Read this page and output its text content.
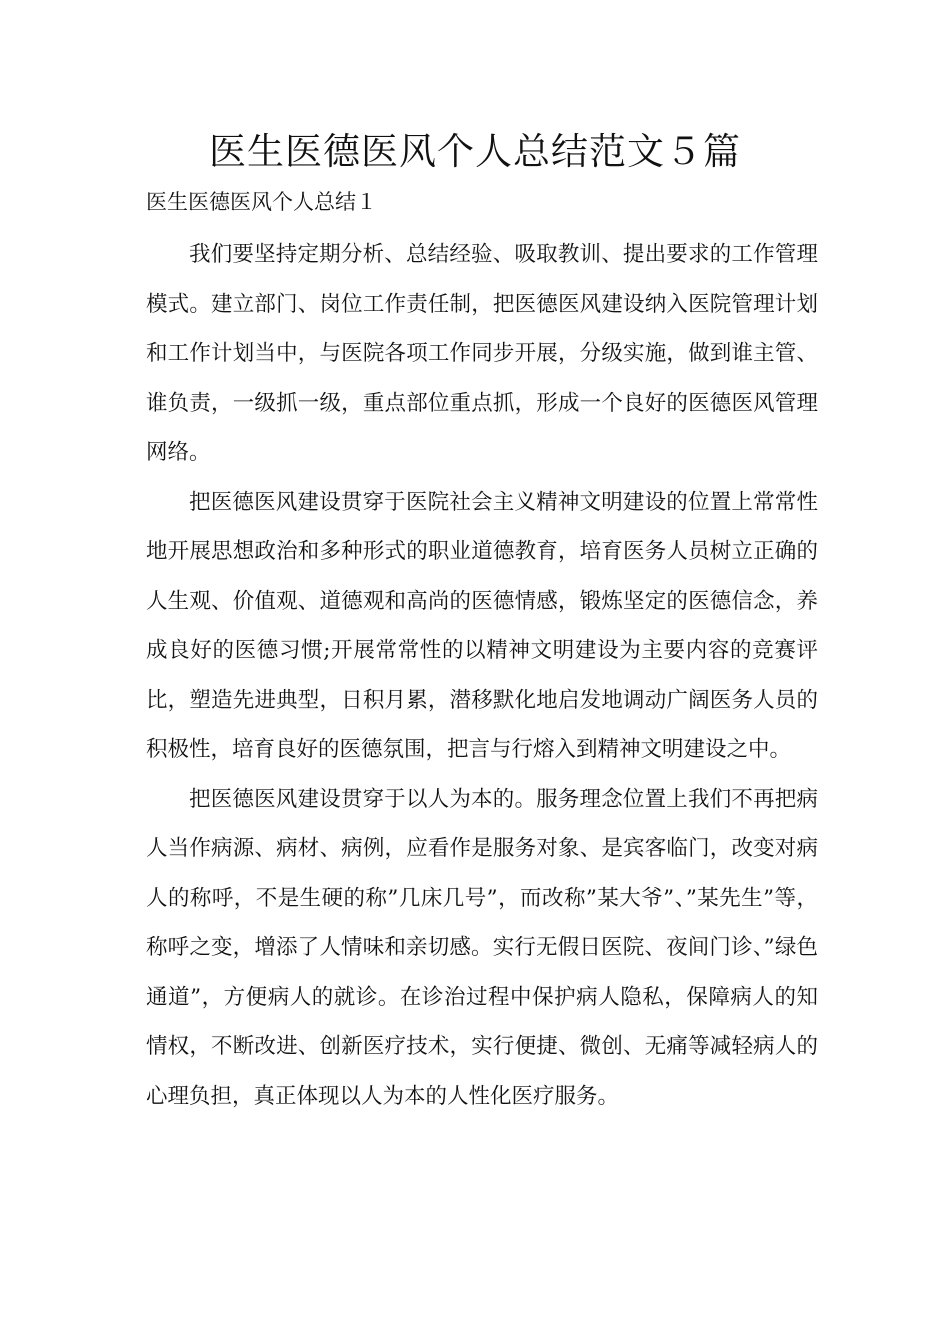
医生医德医风个人总结范文５篇
医生医德医风个人总结１

我们要坚持定期分析、总结经验、吸取教训、提出要求的工作管理模式。建立部门、岗位工作责任制，把医德医风建设纳入医院管理计划和工作计划当中，与医院各项工作同步开展，分级实施，做到谁主管、谁负责，一级抓一级，重点部位重点抓，形成一个良好的医德医风管理网络。

把医德医风建设贯穿于医院社会主义精神文明建设的位置上常常性地开展思想政治和多种形式的职业道德教育，培育医务人员树立正确的人生观、价值观、道德观和高尚的医德情感，锻炼坚定的医德信念，养成良好的医德习惯;开展常常性的以精神文明建设为主要内容的竞赛评比，塑造先进典型，日积月累，潜移默化地启发地调动广阔医务人员的积极性，培育良好的医德氛围，把言与行熔入到精神文明建设之中。

把医德医风建设贯穿于以人为本的。服务理念位置上我们不再把病人当作病源、病材、病例，应看作是服务对象、是宾客临门，改变对病人的称呼，不是生硬的称”几床几号”，而改称”某大爷”、”某先生”等，称呼之变，增添了人情味和亲切感。实行无假日医院、夜间门诊、”绿色通道”，方便病人的就诊。在诊治过程中保护病人隐私，保障病人的知情权，不断改进、创新医疗技术，实行便捷、微创、无痛等减轻病人的心理负担，真正体现以人为本的人性化医疗服务。
